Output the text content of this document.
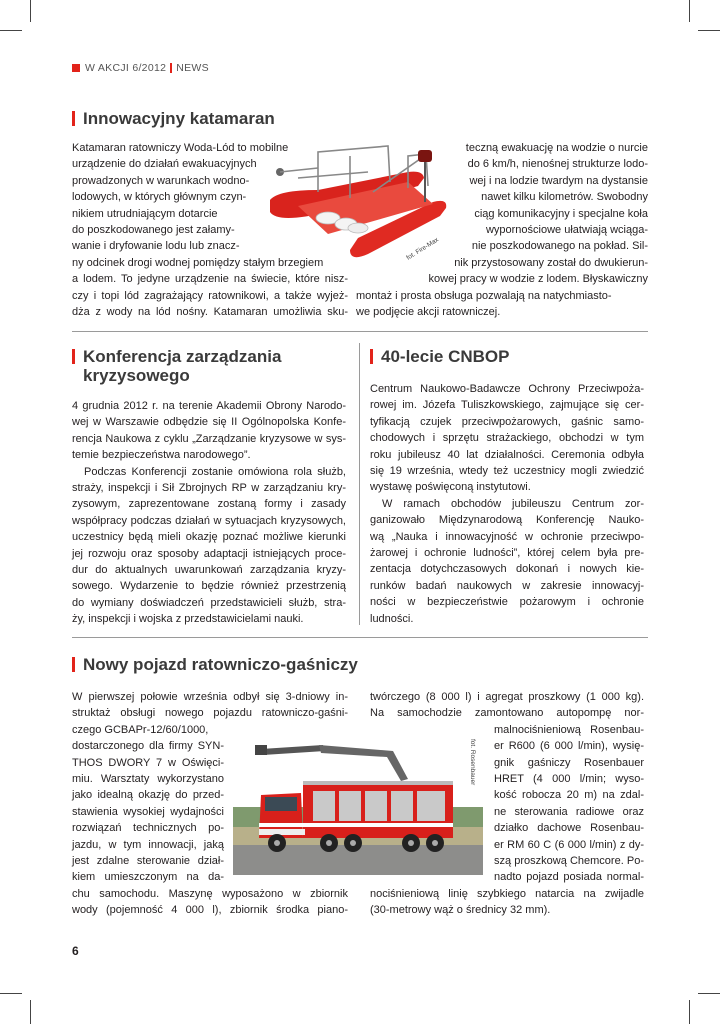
W AKCJI
6/2012 NEWS
Innowacyjny katamaran

Katamaran ratowniczy Woda-Lód to mobilne

urządzenie do działań ewakuacyjnych

prowadzonych w warunkach wodno-

lodowych, w których głównym czyn-

nikiem utrudniającym dotarcie

do poszkodowanego jest załamy-

wanie i dryfowanie lodu lub znacz-

ny odcinek drogi wodnej pomiędzy stałym brzegiem

a lodem. To jedyne urządzenie na świecie, które nisz-

czy i topi lód zagrażający ratownikowi, a także wyjeż-

dża z wody na lód nośny. Katamaran umożliwia sku-

teczną ewakuację na wodzie o nurcie

do 6 km/h, nienośnej strukturze lodo-

wej i na lodzie twardym na dystansie

nawet kilku kilometrów. Swobodny

ciąg komunikacyjny i specjalne koła

wypornościowe ułatwiają wciąga-

nie poszkodowanego na pokład. Sil-

nik przystosowany został do dwukierun-

kowej pracy w wodzie z lodem. Błyskawiczny

montaż i prosta obsługa pozwalają na natychmiasto-

we podjęcie akcji ratowniczej.

fot. Fire-Max
Konferencja zarządzania
kryzysowego

4 grudnia 2012 r. na terenie Akademii Obrony Narodo-

wej w Warszawie odbędzie się II Ogólnopolska Konfe-

rencja Naukowa z cyklu „Zarządzanie kryzysowe w sys-

temie bezpieczeństwa narodowego”.

Podczas Konferencji zostanie omówiona rola służb,

straży, inspekcji i Sił Zbrojnych RP w zarządzaniu kry-

zysowym, zaprezentowane zostaną formy i zasady

współpracy podczas działań w sytuacjach kryzysowych,

uczestnicy będą mieli okazję poznać możliwe kierunki

jej rozwoju oraz sposoby adaptacji istniejących proce-

dur do aktualnych uwarunkowań zarządzania kryzy-

sowego. Wydarzenie to będzie również przestrzenią

do wymiany doświadczeń przedstawicieli służb, stra-

ży, inspekcji i wojska z przedstawicielami nauki.

40-lecie CNBOP

Centrum Naukowo-Badawcze Ochrony Przeciwpoża-

rowej im. Józefa Tuliszkowskiego, zajmujące się cer-

tyfikacją czujek przeciwpożarowych, gaśnic samo-

chodowych i sprzętu strażackiego, obchodzi w tym

roku jubileusz 40 lat działalności. Ceremonia odbyła

się 19 września, wtedy też uczestnicy mogli zwiedzić

wystawę poświęconą instytutowi.

W ramach obchodów jubileuszu Centrum zor-

ganizowało Międzynarodową Konferencję Nauko-

wą „Nauka i innowacyjność w ochronie przeciwpo-

żarowej i ochronie ludności”, której celem była pre-

zentacja dotychczasowych dokonań i nowych kie-

runków badań naukowych w zakresie innowacyj-

ności w bezpieczeństwie pożarowym i ochronie

ludności.

Nowy pojazd ratowniczo-gaśniczy

W pierwszej połowie września odbył się 3-dniowy in-

struktaż obsługi nowego pojazdu ratowniczo-gaśni-

czego GCBAPr-12/60/1000,

dostarczonego dla firmy SYN-

THOS DWORY 7 w Oświęci-

miu. Warsztaty wykorzystano

jako idealną okazję do przed-

stawienia wysokiej wydajności

rozwiązań technicznych po-

jazdu, w tym innowacji, jaką

jest zdalne sterowanie dział-

kiem umieszczonym na da-

chu samochodu. Maszynę wyposażono w zbiornik

wody (pojemność 4 000 l), zbiornik środka piano-

twórczego (8 000 l) i agregat proszkowy (1 000 kg).

Na samochodzie zamontowano autopompę nor-

malnociśnieniową Rosenbau-

er R600 (6 000 l/min), wysię-

gnik gaśniczy Rosenbauer

HRET (4 000 l/min; wyso-

kość robocza 20 m) na zdal-

ne sterowania radiowe oraz

działko dachowe Rosenbau-

er RM 60 C (6 000 l/min) z dy-

szą proszkową Chemcore. Po-

nadto pojazd posiada normal-

nociśnieniową linię szybkiego natarcia na zwijadle

(30-metrowy wąż o średnicy 32 mm).

fot. Rosenbauer
6
